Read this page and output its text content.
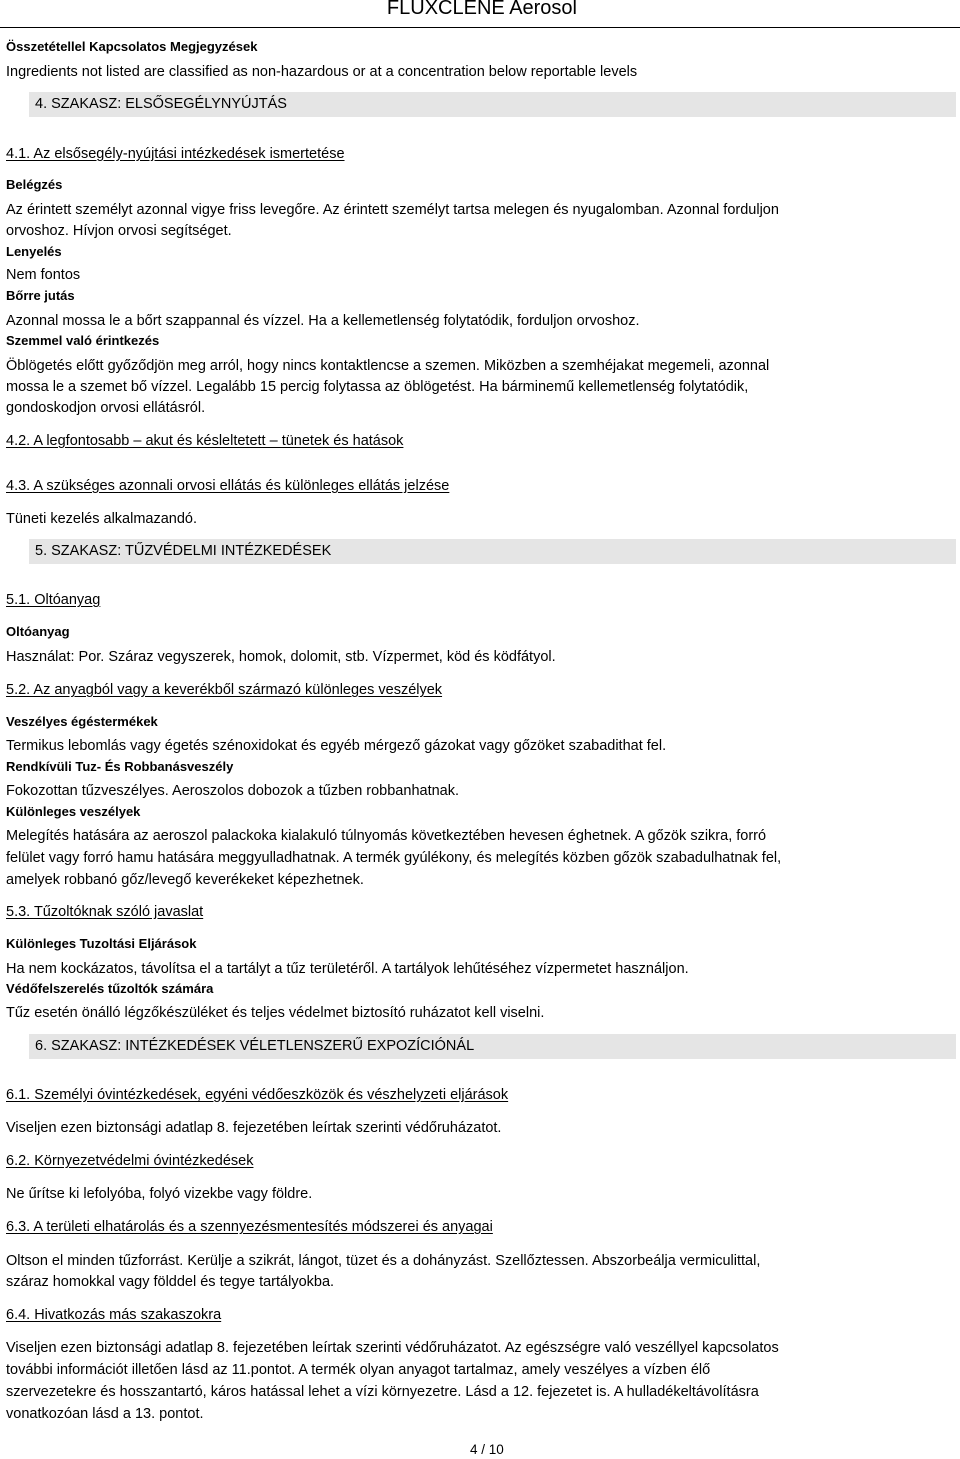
FLUXCLENE Aerosol
Összetétellel Kapcsolatos Megjegyzések
Ingredients not listed are classified as non-hazardous or at a concentration below reportable levels
4. SZAKASZ: ELSŐSEGÉLYNYÚJTÁS
4.1. Az elsősegély-nyújtási intézkedések ismertetése
Belégzés
Az érintett személyt azonnal vigye friss levegőre. Az érintett személyt tartsa melegen és nyugalomban. Azonnal forduljon
orvoshoz. Hívjon orvosi segítséget.
Lenyelés
Nem fontos
Bőrre jutás
Azonnal mossa le a bőrt szappannal és vízzel. Ha a kellemetlenség folytatódik, forduljon orvoshoz.
Szemmel való érintkezés
Öblögetés előtt győződjön meg arról, hogy nincs kontaktlencse a szemen. Miközben a szemhéjakat megemeli, azonnal
mossa le a szemet bő vízzel. Legalább 15 percig folytassa az öblögetést. Ha bárminemű kellemetlenség folytatódik,
gondoskodjon orvosi ellátásról.
4.2. A legfontosabb – akut és késleltetett – tünetek és hatások
4.3. A szükséges azonnali orvosi ellátás és különleges ellátás jelzése
Tüneti kezelés alkalmazandó.
5. SZAKASZ: TŰZVÉDELMI INTÉZKEDÉSEK
5.1. Oltóanyag
Oltóanyag
Használat: Por. Száraz vegyszerek, homok, dolomit, stb. Vízpermet, köd és ködfátyol.
5.2. Az anyagból vagy a keverékből származó különleges veszélyek
Veszélyes égéstermékek
Termikus lebomlás vagy égetés szénoxidokat és egyéb mérgező gázokat vagy gőzöket szabadithat fel.
Rendkívüli Tuz- És Robbanásveszély
Fokozottan tűzveszélyes. Aeroszolos dobozok a tűzben robbanhatnak.
Különleges veszélyek
Melegítés hatására az aeroszol palackoka kialakuló túlnyomás következtében hevesen éghetnek. A gőzök szikra, forró
felület vagy forró hamu hatására meggyulladhatnak. A termék gyúlékony, és melegítés közben gőzök szabadulhatnak fel,
amelyek robbanó gőz/levegő keverékeket képezhetnek.
5.3. Tűzoltóknak szóló javaslat
Különleges Tuzoltási Eljárások
Ha nem kockázatos, távolítsa el a tartályt a tűz területéről. A tartályok lehűtéséhez vízpermetet használjon.
Védőfelszerelés tűzoltók számára
Tűz esetén önálló légzőkészüléket és teljes védelmet biztosító ruházatot kell viselni.
6. SZAKASZ: INTÉZKEDÉSEK VÉLETLENSZERŰ EXPOZÍCIÓNÁL
6.1. Személyi óvintézkedések, egyéni védőeszközök és vészhelyzeti eljárások
Viseljen ezen biztonsági adatlap 8. fejezetében leírtak szerinti védőruházatot.
6.2. Környezetvédelmi óvintézkedések
Ne űrítse ki lefolyóba, folyó vizekbe vagy földre.
6.3. A területi elhatárolás és a szennyezésmentesítés módszerei és anyagai
Oltson el minden tűzforrást. Kerülje a szikrát, lángot, tüzet és a dohányzást. Szellőztessen. Abszorbeálja vermiculittal,
száraz homokkal vagy földdel és tegye tartályokba.
6.4. Hivatkozás más szakaszokra
Viseljen ezen biztonsági adatlap 8. fejezetében leírtak szerinti védőruházatot. Az egészségre való veszéllyel kapcsolatos
további információt illetően lásd az 11.pontot. A termék olyan anyagot tartalmaz, amely veszélyes a vízben élő
szervezetekre és hosszantartó, káros hatással lehet a vízi környezetre. Lásd a 12. fejezetet is. A hulladékeltávolításra
vonatkozóan lásd a 13. pontot.
4 / 10
